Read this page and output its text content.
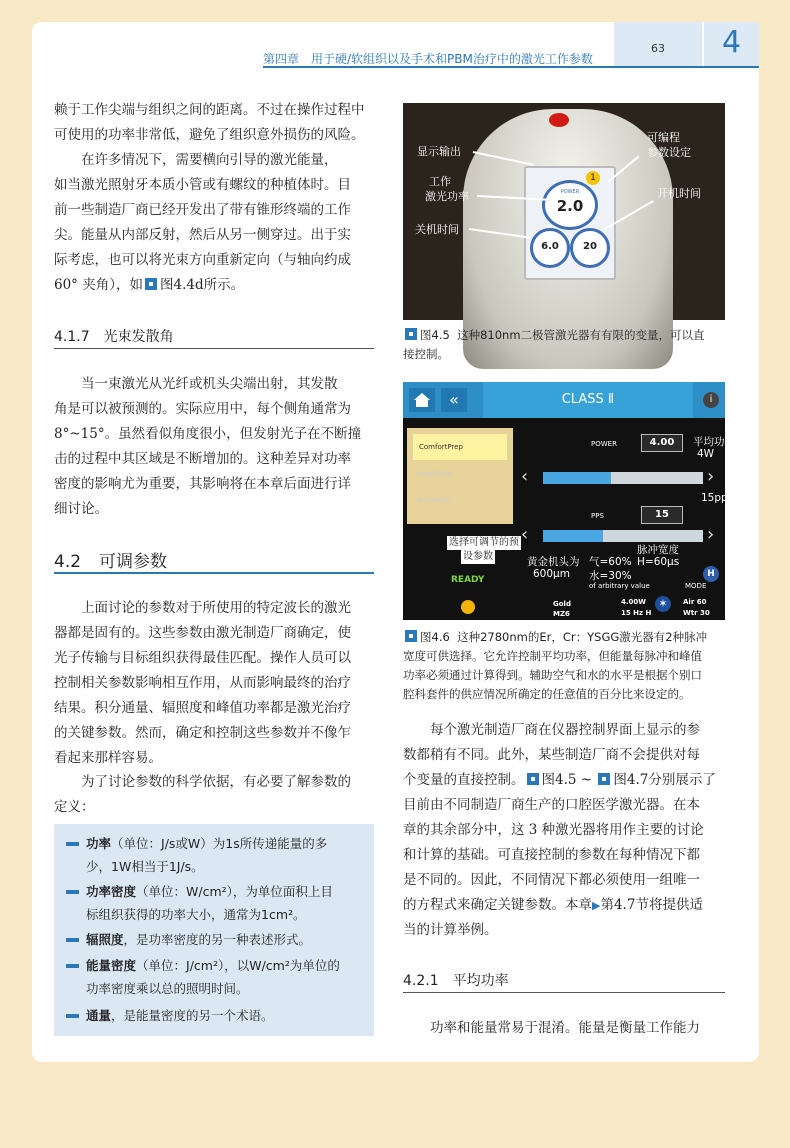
第四章　用于硬/软组织以及手术和PBM治疗中的激光工作参数
63	4
赖于工作尖端与组织之间的距离。不过在操作过程中
可使用的功率非常低，避免了组织意外损伤的风险。
在许多情况下，需要横向引导的激光能量，
如当激光照射牙本质小管或有螺纹的种植体时。目
前一些制造厂商已经开发出了带有锥形终端的工作
尖。能量从内部反射，然后从另一侧穿过。出于实
际考虑，也可以将光束方向重新定向（与轴向约成
60° 夹角），如 图4.4d所示。
4.1.7 光束发散角
当一束激光从光纤或机头尖端出射，其发散
角是可以被预测的。实际应用中，每个侧角通常为
8°~15°。虽然看似角度很小，但发射光子在不断撞
击的过程中其区域是不断增加的。这种差异对功率
密度的影响尤为重要，其影响将在本章后面进行详
细讨论。
4.2 可调参数
上面讨论的参数对于所使用的特定波长的激光
器都是固有的。这些参数由激光制造厂商确定，使
光子传输与目标组织获得最佳匹配。操作人员可以
控制相关参数影响相互作用，从而影响最终的治疗
结果。积分通量、辐照度和峰值功率都是激光治疗
的关键参数。然而，确定和控制这些参数并不像乍
看起来那样容易。
为了讨论参数的科学依据，有必要了解参数的
定义：
功率（单位：J/s或W）为1s所传递能量的多
少，1W相当于1J/s。
功率密度（单位：W/cm²），为单位面积上目
标组织获得的功率大小，通常为1cm²。
辐照度，是功率密度的另一种表述形式。
能量密度（单位：J/cm²），以W/cm²为单位的
功率密度乘以总的照明时间。
通量，是能量密度的另一个术语。
1
POWER
2.0
6.0	20
显示输出
工作
激光功率
关机时间
可编程
参数设定
开机时间
图4.5 这种810nm二极管激光器有有限的变量，可以直
接控制。
«	CLASS Ⅱ	i
ComfortPrep
RapidPrep
BondPrep
POWER	4.00
‹	›
PPS	15
‹	›
平均功率
4W
15pps
选择可调节的预
设参数	黄金机头为
600μm
气=60%
水=30%
of arbitrary value
脉冲宽度
H=60μs
READY
MODE
H
Gold
MZ6
4.00W
15 Hz H
✶	Air 60
Wtr 30
图4.6 这种2780nm的Er，Cr：YSGG激光器有2种脉冲
宽度可供选择。它允许控制平均功率，但能量每脉冲和峰值
功率必须通过计算得到。辅助空气和水的水平是根据个别口
腔科套件的供应情况所确定的任意值的百分比来设定的。
每个激光制造厂商在仪器控制界面上显示的参
数都稍有不同。此外，某些制造厂商不会提供对每
个变量的直接控制。 图4.5 ~ 图4.7分别展示了
目前由不同制造厂商生产的口腔医学激光器。在本
章的其余部分中，这 3 种激光器将用作主要的讨论
和计算的基础。可直接控制的参数在每种情况下都
是不同的。因此，不同情况下都必须使用一组唯一
的方程式来确定关键参数。本章▶第4.7节将提供适
当的计算举例。
4.2.1 平均功率
功率和能量常易于混淆。能量是衡量工作能力
